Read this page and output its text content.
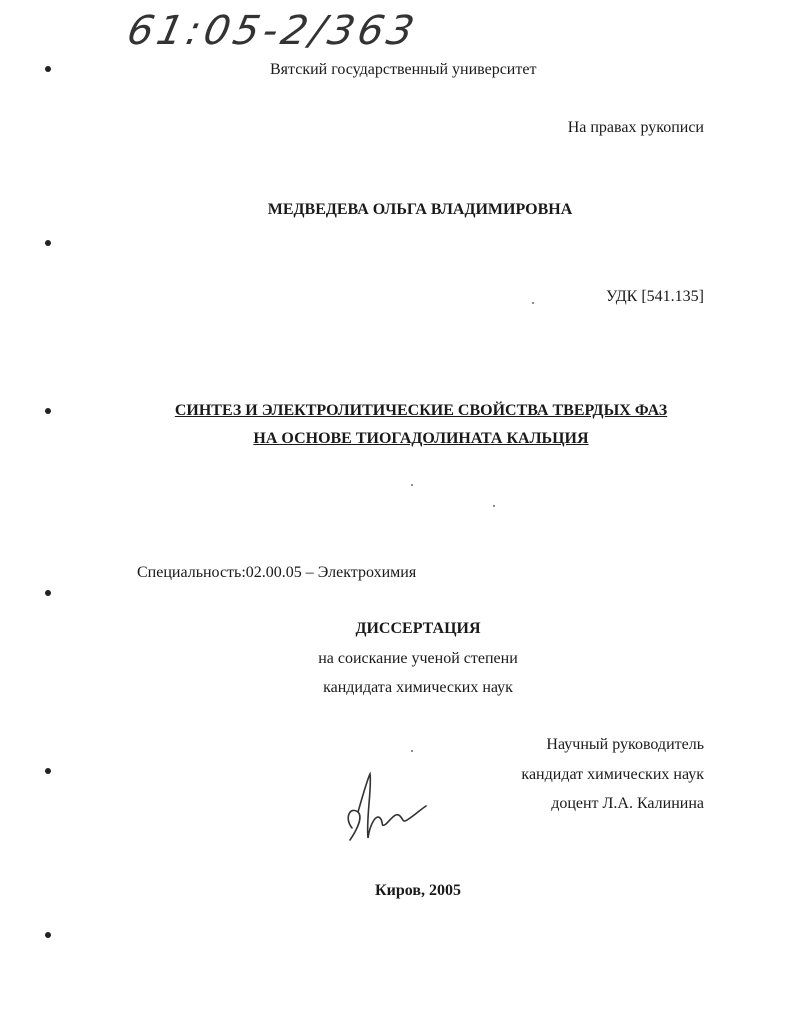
61:05-2/363
Вятский государственный университет
На правах рукописи
МЕДВЕДЕВА ОЛЬГА ВЛАДИМИРОВНА
УДК [541.135]
СИНТЕЗ И ЭЛЕКТРОЛИТИЧЕСКИЕ СВОЙСТВА ТВЕРДЫХ ФАЗ
НА ОСНОВЕ ТИОГАДОЛИНАТА КАЛЬЦИЯ
Специальность:02.00.05 – Электрохимия
ДИССЕРТАЦИЯ
на соискание ученой степени
кандидата химических наук
Научный руководитель
кандидат химических наук
доцент Л.А. Калинина
Киров, 2005
